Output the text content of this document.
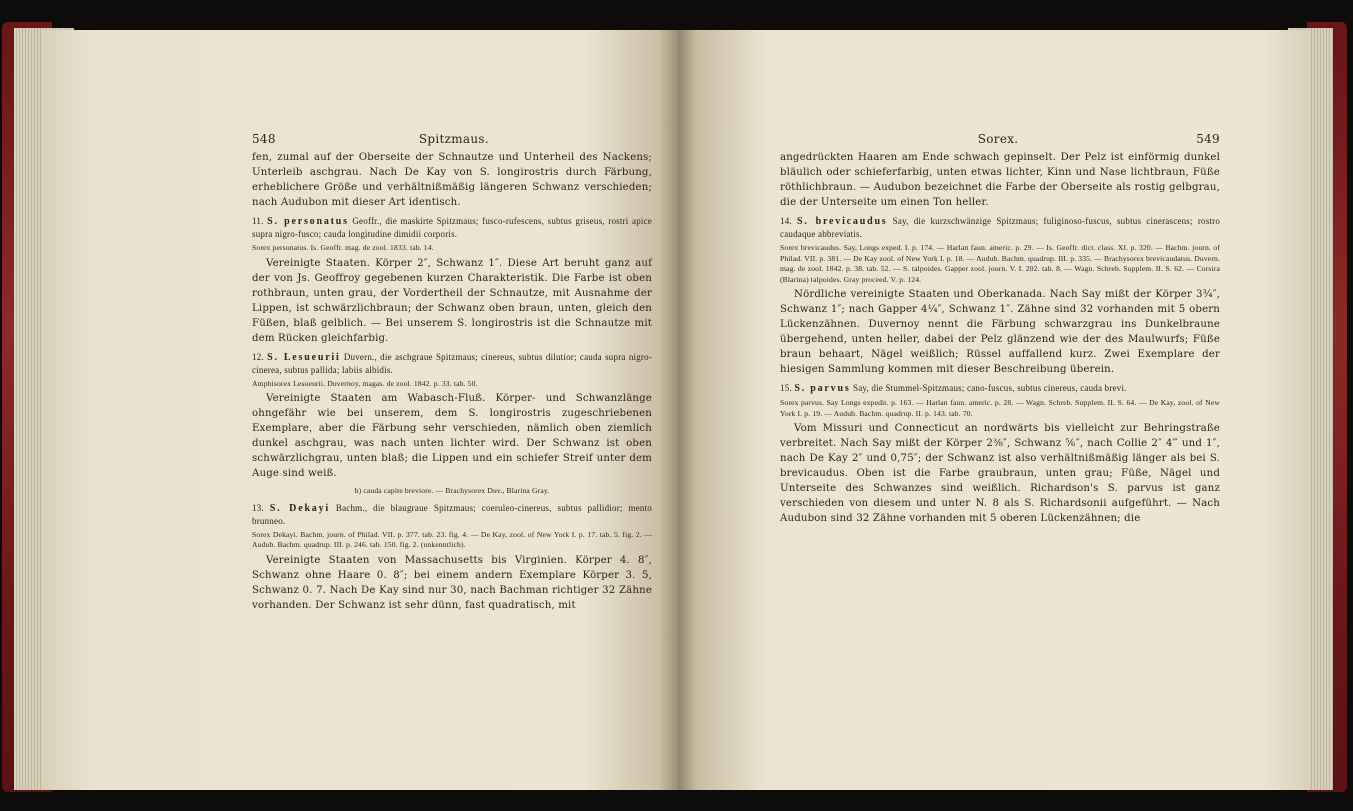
548	Spitzmaus.

fen, zumal auf der Oberseite der Schnautze und Unterheil des Nackens; Unterleib aschgrau. Nach De Kay von S. longirostris durch Färbung, erheblichere Größe und verhältnißmäßig längeren Schwanz verschieden; nach Audubon mit dieser Art identisch.

11. S. personatus Geoffr., die maskirte Spitzmaus; fusco-rufescens, subtus griseus, rostri apice supra nigro-fusco; cauda longitudine dimidii corporis.

Sorex personatus. Is. Geoffr. mag. de zool. 1833. tab. 14.

Vereinigte Staaten. Körper 2″, Schwanz 1″. Diese Art beruht ganz auf der von Js. Geoffroy gegebenen kurzen Charakteristik. Die Farbe ist oben rothbraun, unten grau, der Vordertheil der Schnautze, mit Ausnahme der Lippen, ist schwärzlichbraun; der Schwanz oben braun, unten, gleich den Füßen, blaß gelblich. — Bei unserem S. longirostris ist die Schnautze mit dem Rücken gleichfarbig.

12. S. Lesueurii Duvern., die aschgraue Spitzmaus; cinereus, subtus dilutior; cauda supra nigro-cinerea, subtus pallida; labiis albidis.

Amphisorex Lesueurii. Duvernoy, magas. de zool. 1842. p. 33. tab. 50.

Vereinigte Staaten am Wabasch-Fluß. Körper- und Schwanzlänge ohngefähr wie bei unserem, dem S. longirostris zugeschriebenen Exemplare, aber die Färbung sehr verschieden, nämlich oben ziemlich dunkel aschgrau, was nach unten lichter wird. Der Schwanz ist oben schwärzlichgrau, unten blaß; die Lippen und ein schiefer Streif unter dem Auge sind weiß.

b) cauda capite breviore. — Brachysorex Duv., Blarina Gray.

13. S. Dekayi Bachm., die blaugraue Spitzmaus; coeruleo-cinereus, subtus pallidior; mento brunneo.

Sorex Dekayi. Bachm. journ. of Philad. VII. p. 377. tab. 23. fig. 4. — De Kay, zool. of New York I. p. 17. tab. 5. fig. 2. — Audub. Bachm. quadrup. III. p. 246. tab. 150. fig. 2. (unkenntlich).

Vereinigte Staaten von Massachusetts bis Virginien. Körper 4. 8″, Schwanz ohne Haare 0. 8″; bei einem andern Exemplare Körper 3. 5, Schwanz 0. 7. Nach De Kay sind nur 30, nach Bachman richtiger 32 Zähne vorhanden. Der Schwanz ist sehr dünn, fast quadratisch, mit

Sorex.	549

angedrückten Haaren am Ende schwach gepinselt. Der Pelz ist einförmig dunkel bläulich oder schieferfarbig, unten etwas lichter, Kinn und Nase lichtbraun, Füße röthlichbraun. — Audubon bezeichnet die Farbe der Oberseite als rostig gelbgrau, die der Unterseite um einen Ton heller.

14. S. brevicaudus Say, die kurzschwänzige Spitzmaus; fuliginoso-fuscus, subtus cinerascens; rostro caudaque abbreviatis.

Sorex brevicaudus. Say, Longs exped. I. p. 174. — Harlan faun. americ. p. 29. — Is. Geoffr. dict. class. XI. p. 320. — Bachm. journ. of Philad. VII. p. 381. — De Kay zool. of New York I. p. 18. — Audub. Bachm. quadrup. III. p. 335. — Brachysorex brevicaudatus. Duvern. mag. de zool. 1842. p. 38. tab. 52. — S. talpoides. Gapper zool. journ. V. I. 202. tab. 8. — Wagn. Schreb. Supplem. II. S. 62. — Corsira (Blarina) talpoides. Gray proceed. V. p. 124.

Nördliche vereinigte Staaten und Oberkanada. Nach Say mißt der Körper 3¾″, Schwanz 1″; nach Gapper 4¼″, Schwanz 1″. Zähne sind 32 vorhanden mit 5 obern Lückenzähnen. Duvernoy nennt die Färbung schwarzgrau ins Dunkelbraune übergehend, unten heller, dabei der Pelz glänzend wie der des Maulwurfs; Füße braun behaart, Nägel weißlich; Rüssel auffallend kurz. Zwei Exemplare der hiesigen Sammlung kommen mit dieser Beschreibung überein.

15. S. parvus Say, die Stummel-Spitzmaus; cano-fuscus, subtus cinereus, cauda brevi.

Sorex parvus. Say Longs expedit. p. 163. — Harlan faun. americ. p. 28. — Wagn. Schreb. Supplem. II. S. 64. — De Kay, zool. of New York I. p. 19. — Audub. Bachm. quadrup. II. p. 143. tab. 70.

Vom Missuri und Connecticut an nordwärts bis vielleicht zur Behringstraße verbreitet. Nach Say mißt der Körper 2⅜″, Schwanz ⅚″, nach Collie 2″ 4‴ und 1″, nach De Kay 2″ und 0,75″; der Schwanz ist also verhältnißmäßig länger als bei S. brevicaudus. Oben ist die Farbe graubraun, unten grau; Füße, Nägel und Unterseite des Schwanzes sind weißlich. Richardson's S. parvus ist ganz verschieden von diesem und unter N. 8 als S. Richardsonii aufgeführt. — Nach Audubon sind 32 Zähne vorhanden mit 5 oberen Lückenzähnen; die
